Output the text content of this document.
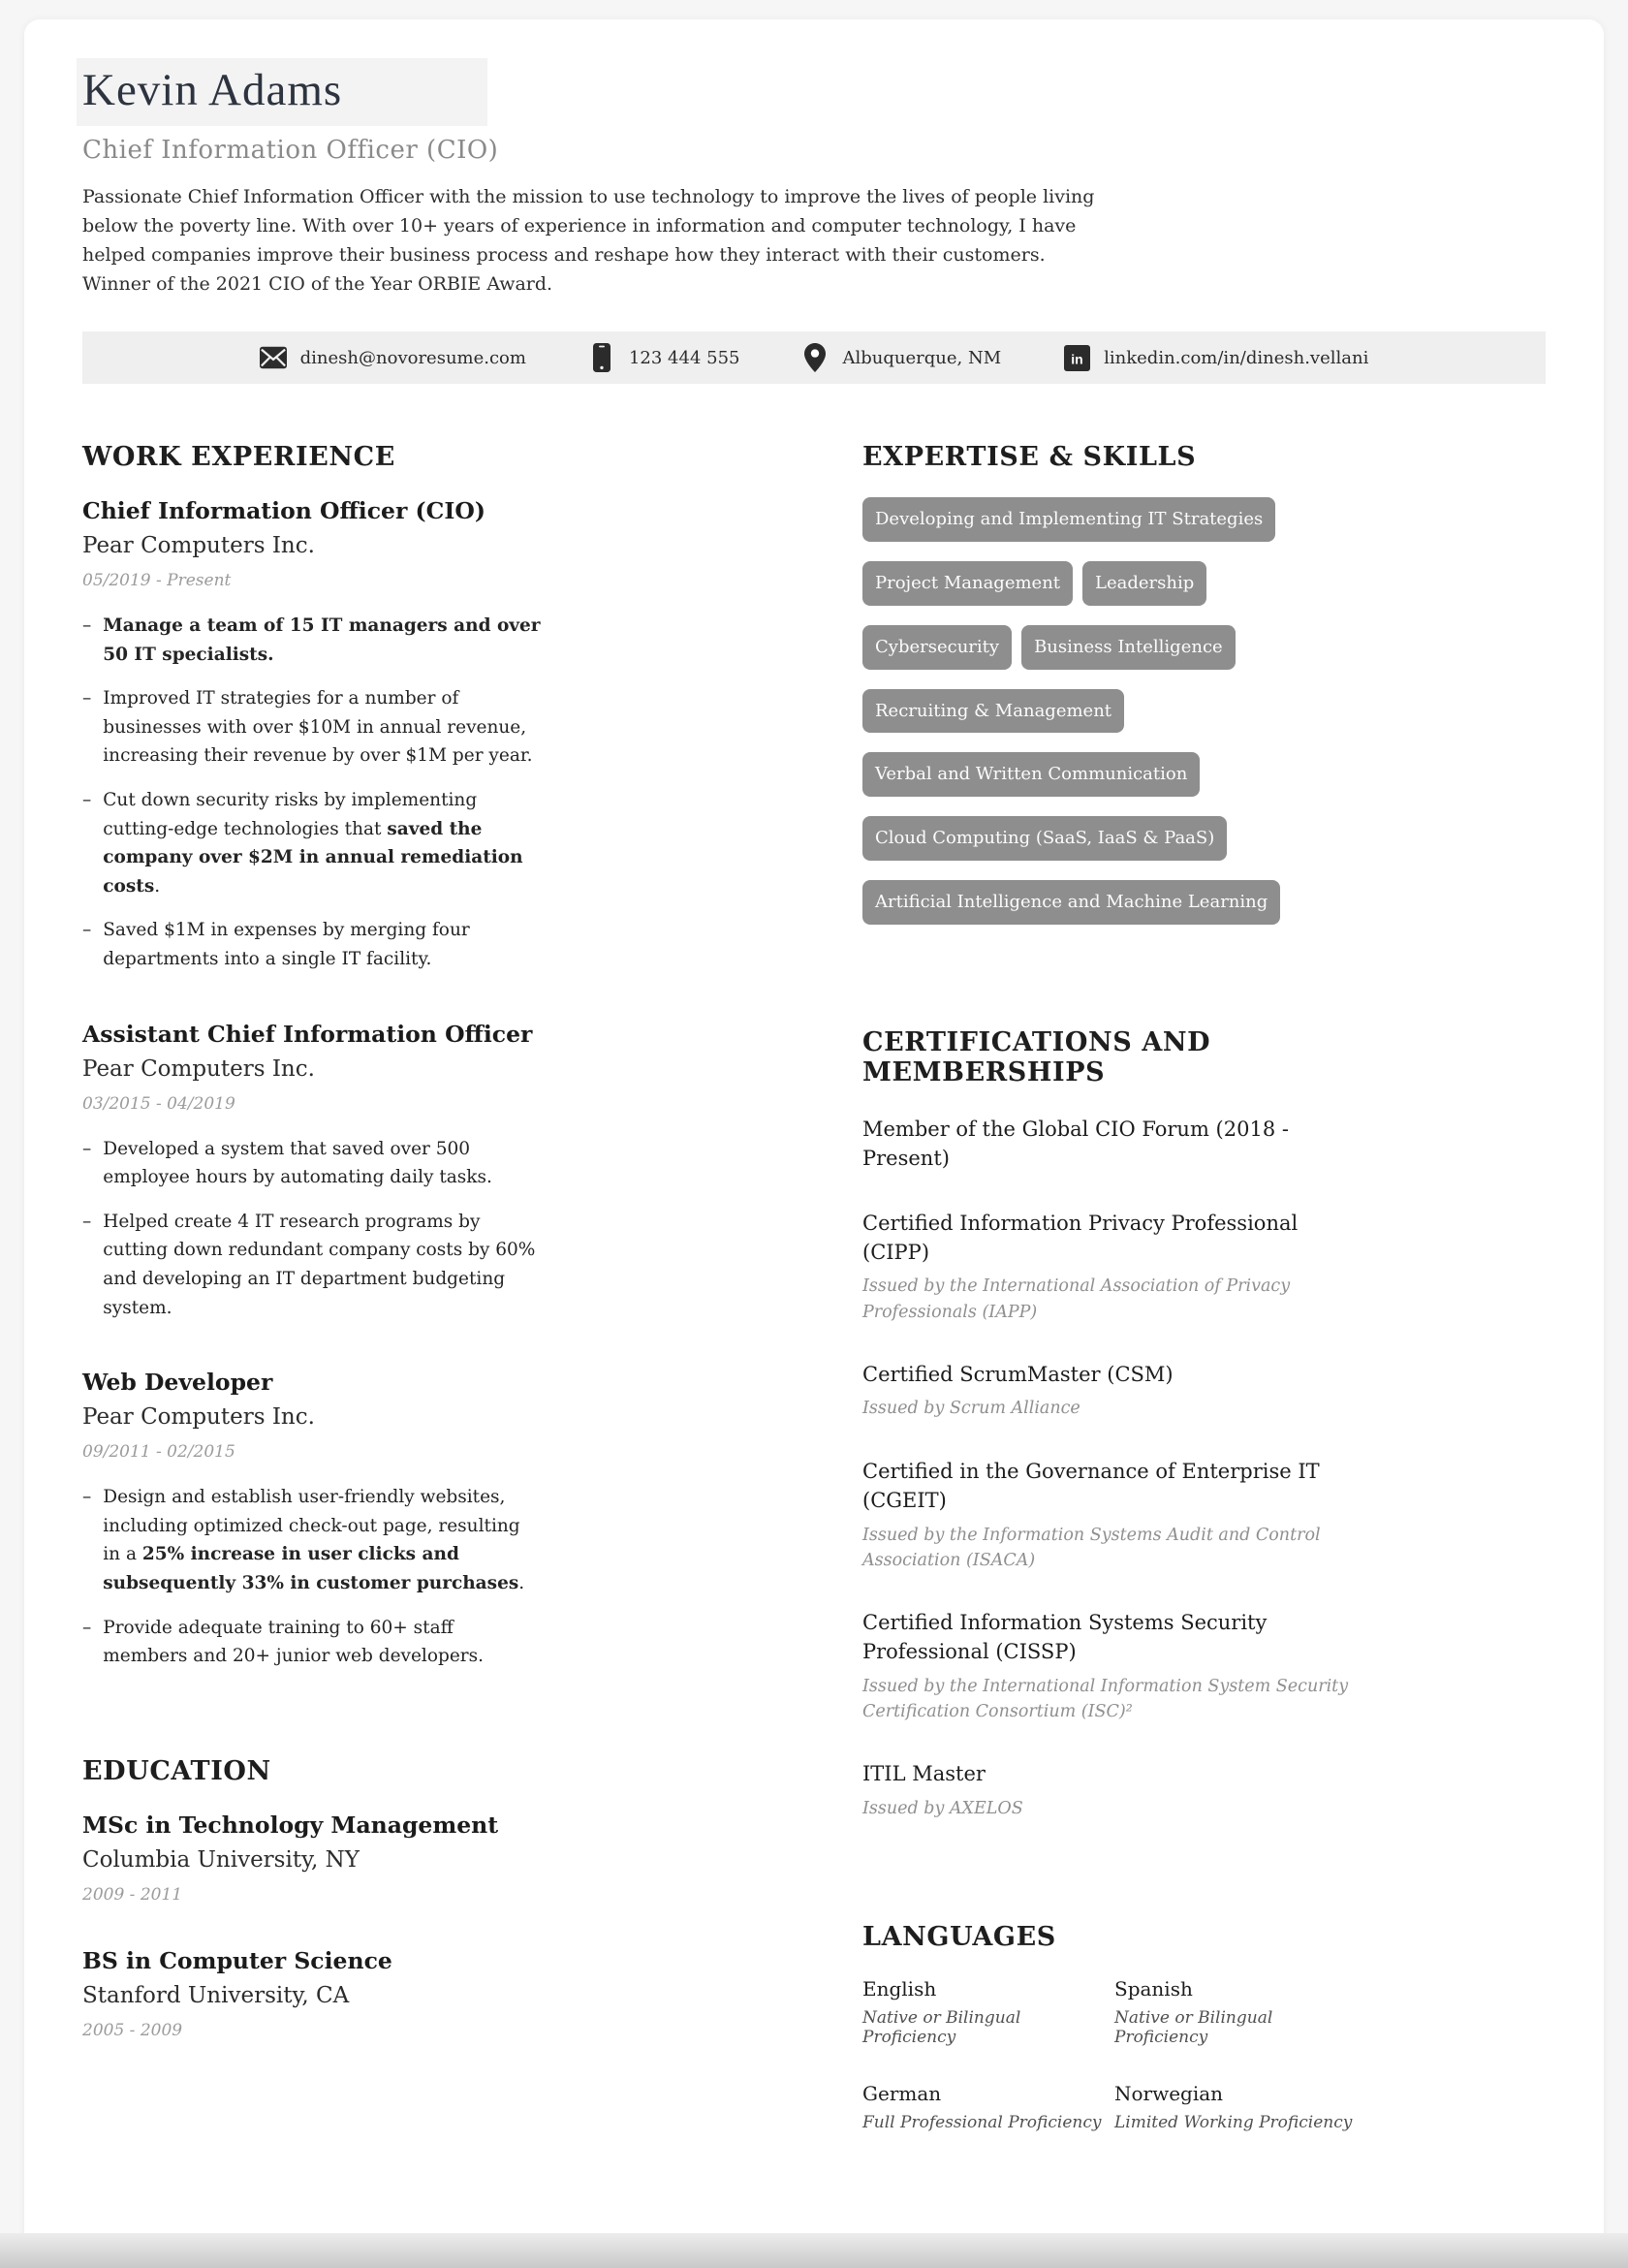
Kevin Adams
Chief Information Officer (CIO)
Passionate Chief Information Officer with the mission to use technology to improve the lives of people living below the poverty line. With over 10+ years of experience in information and computer technology, I have helped companies improve their business process and reshape how they interact with their customers. Winner of the 2021 CIO of the Year ORBIE Award.
dinesh@novoresume.com	123 444 555	Albuquerque, NM	in linkedin.com/in/dinesh.vellani
WORK EXPERIENCE
Chief Information Officer (CIO)
Pear Computers Inc.
05/2019 - Present
– Manage a team of 15 IT managers and over 50 IT specialists.
– Improved IT strategies for a number of businesses with over $10M in annual revenue, increasing their revenue by over $1M per year.
– Cut down security risks by implementing cutting-edge technologies that saved the company over $2M in annual remediation costs.
– Saved $1M in expenses by merging four departments into a single IT facility.
Assistant Chief Information Officer
Pear Computers Inc.
03/2015 - 04/2019
– Developed a system that saved over 500 employee hours by automating daily tasks.
– Helped create 4 IT research programs by cutting down redundant company costs by 60% and developing an IT department budgeting system.
Web Developer
Pear Computers Inc.
09/2011 - 02/2015
– Design and establish user-friendly websites, including optimized check-out page, resulting in a 25% increase in user clicks and subsequently 33% in customer purchases.
– Provide adequate training to 60+ staff members and 20+ junior web developers.
EDUCATION
MSc in Technology Management
Columbia University, NY
2009 - 2011
BS in Computer Science
Stanford University, CA
2005 - 2009
EXPERTISE & SKILLS
Developing and Implementing IT Strategies
Project Management	Leadership
Cybersecurity	Business Intelligence
Recruiting & Management
Verbal and Written Communication
Cloud Computing (SaaS, IaaS & PaaS)
Artificial Intelligence and Machine Learning
CERTIFICATIONS AND MEMBERSHIPS
Member of the Global CIO Forum (2018 - Present)
Certified Information Privacy Professional (CIPP)
Issued by the International Association of Privacy Professionals (IAPP)
Certified ScrumMaster (CSM)
Issued by Scrum Alliance
Certified in the Governance of Enterprise IT (CGEIT)
Issued by the Information Systems Audit and Control Association (ISACA)
Certified Information Systems Security Professional (CISSP)
Issued by the International Information System Security Certification Consortium (ISC)²
ITIL Master
Issued by AXELOS
LANGUAGES
English
Native or Bilingual Proficiency
Spanish
Native or Bilingual Proficiency
German
Full Professional Proficiency
Norwegian
Limited Working Proficiency
